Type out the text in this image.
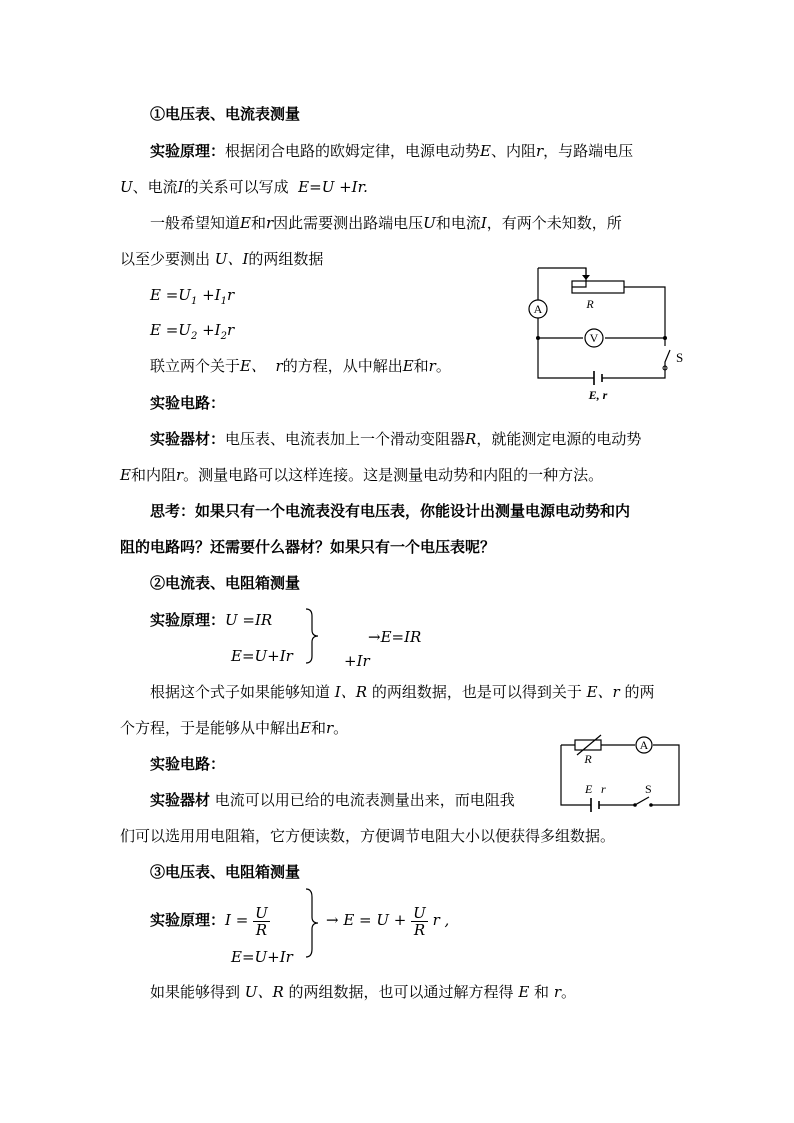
①电压表、电流表测量
实验原理：根据闭合电路的欧姆定律，电源电动势E、内阻r，与路端电压
U、电流I的关系可以写成 E=U +Ir.
一般希望知道E和r因此需要测出路端电压U和电流I，有两个未知数，所
以至少要测出 U、I的两组数据
$E =U_1 +I_1r$
$E =U_2 +I_2r$
联立两个关于E、 r的方程，从中解出E和r。
实验电路：
实验器材：电压表、电流表加上一个滑动变阻器R，就能测定电源的电动势
E和内阻r。测量电路可以这样连接。这是测量电动势和内阻的一种方法。
思考：如果只有一个电流表没有电压表，你能设计出测量电源电动势和内
阻的电路吗？还需要什么器材？如果只有一个电压表呢？
A
V
R
S
E, r
②电流表、电阻箱测量
实验原理：U =IR
E=U+Ir
→E=IR
+Ir
根据这个式子如果能够知道 I、R 的两组数据，也是可以得到关于 E、r 的两
个方程，于是能够从中解出E和r。
实验电路：
实验器材 电流可以用已给的电流表测量出来，而电阻我
们可以选用用电阻箱，它方便读数，方便调节电阻大小以便获得多组数据。
A
R
E r	S
③电压表、电阻箱测量
实验原理：$I = \frac{U}{R}$
E=U+Ir
→ $E = U + \frac{U}{R}$ r ,
如果能够得到 U、R 的两组数据，也可以通过解方程得 E 和 r。
